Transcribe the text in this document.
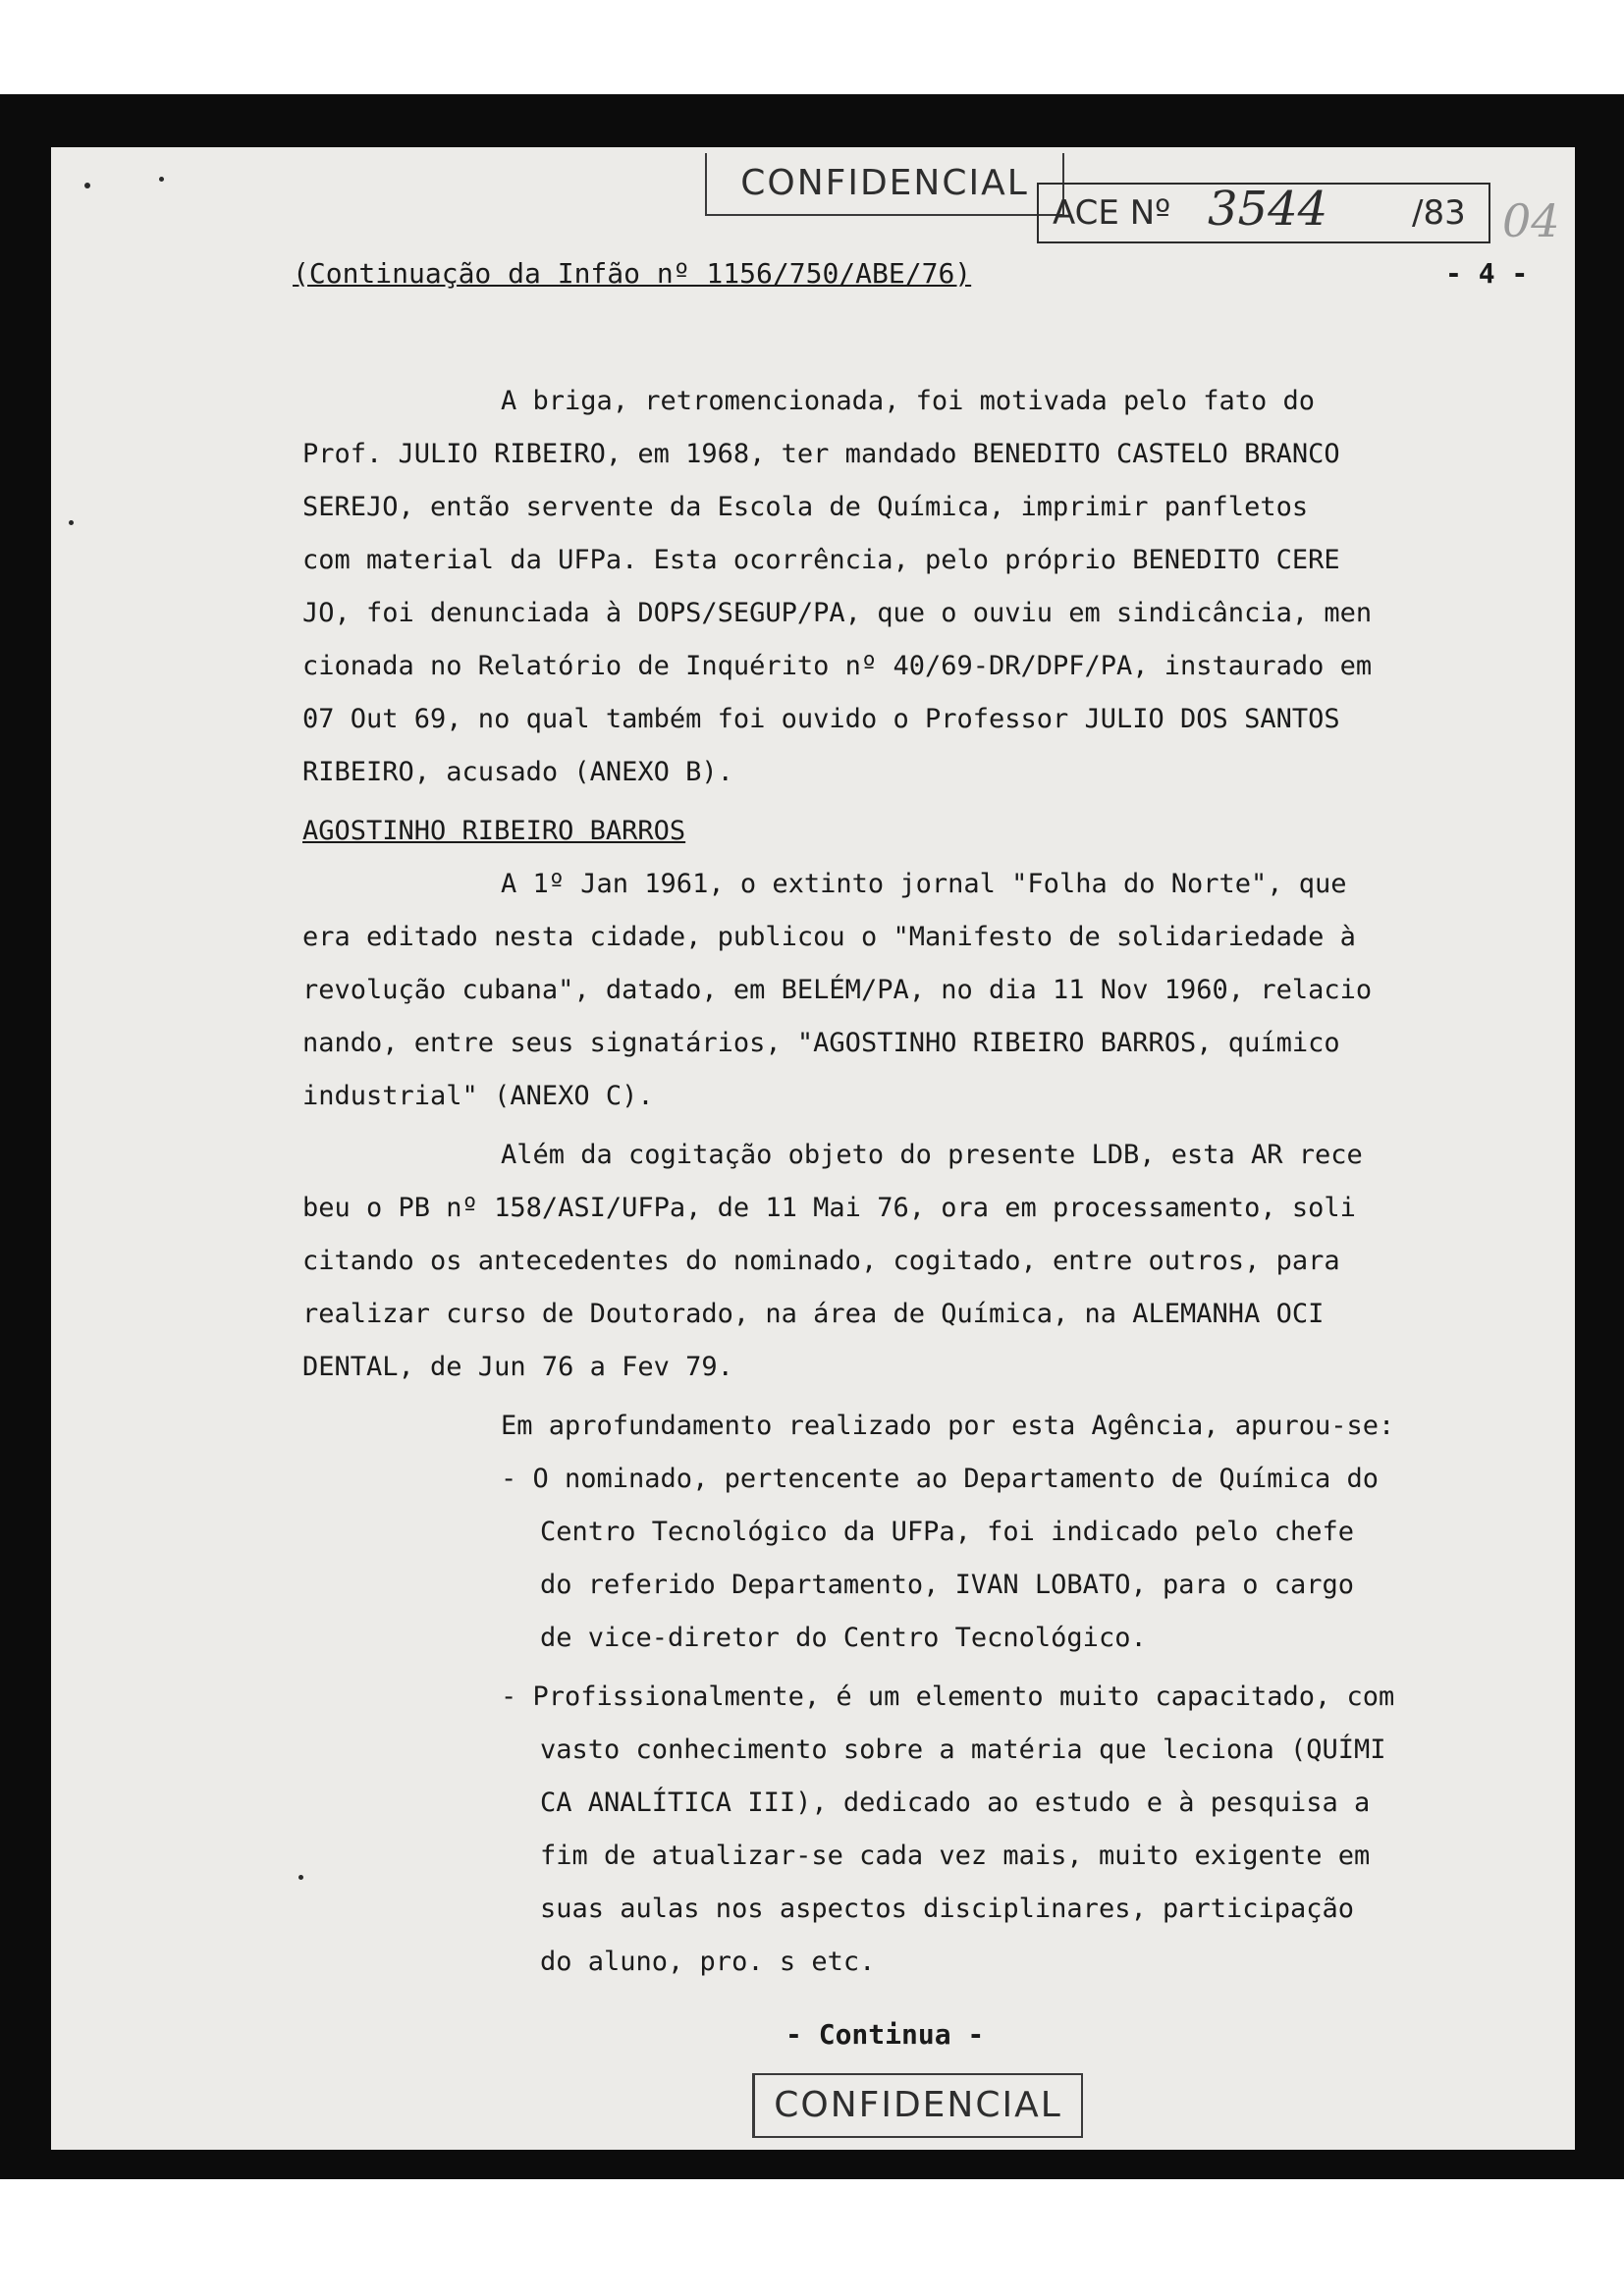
CONFIDENCIAL
ACE Nº 3544	/83 04
(Continuação da Infão nº 1156/750/ABE/76)	- 4 -
A briga, retromencionada, foi motivada pelo fato do
Prof. JULIO RIBEIRO, em 1968, ter mandado BENEDITO CASTELO BRANCO
SEREJO, então servente da Escola de Química, imprimir panfletos
com material da UFPa. Esta ocorrência, pelo próprio BENEDITO CERE
JO, foi denunciada à DOPS/SEGUP/PA, que o ouviu em sindicância, men
cionada no Relatório de Inquérito nº 40/69-DR/DPF/PA, instaurado em
07 Out 69, no qual também foi ouvido o Professor JULIO DOS SANTOS
RIBEIRO, acusado (ANEXO B).
AGOSTINHO RIBEIRO BARROS
A 1º Jan 1961, o extinto jornal "Folha do Norte", que
era editado nesta cidade, publicou o "Manifesto de solidariedade à
revolução cubana", datado, em BELÉM/PA, no dia 11 Nov 1960, relacio
nando, entre seus signatários, "AGOSTINHO RIBEIRO BARROS, químico
industrial" (ANEXO C).
Além da cogitação objeto do presente LDB, esta AR rece
beu o PB nº 158/ASI/UFPa, de 11 Mai 76, ora em processamento, soli
citando os antecedentes do nominado, cogitado, entre outros, para
realizar curso de Doutorado, na área de Química, na ALEMANHA OCI
DENTAL, de Jun 76 a Fev 79.
Em aprofundamento realizado por esta Agência, apurou-se:
- O nominado, pertencente ao Departamento de Química do
Centro Tecnológico da UFPa, foi indicado pelo chefe
do referido Departamento, IVAN LOBATO, para o cargo
de vice-diretor do Centro Tecnológico.
- Profissionalmente, é um elemento muito capacitado, com
vasto conhecimento sobre a matéria que leciona (QUÍMI
CA ANALÍTICA III), dedicado ao estudo e à pesquisa a
fim de atualizar-se cada vez mais, muito exigente em
suas aulas nos aspectos disciplinares, participação
do aluno, pro. s etc.
- Continua -
CONFIDENCIAL
